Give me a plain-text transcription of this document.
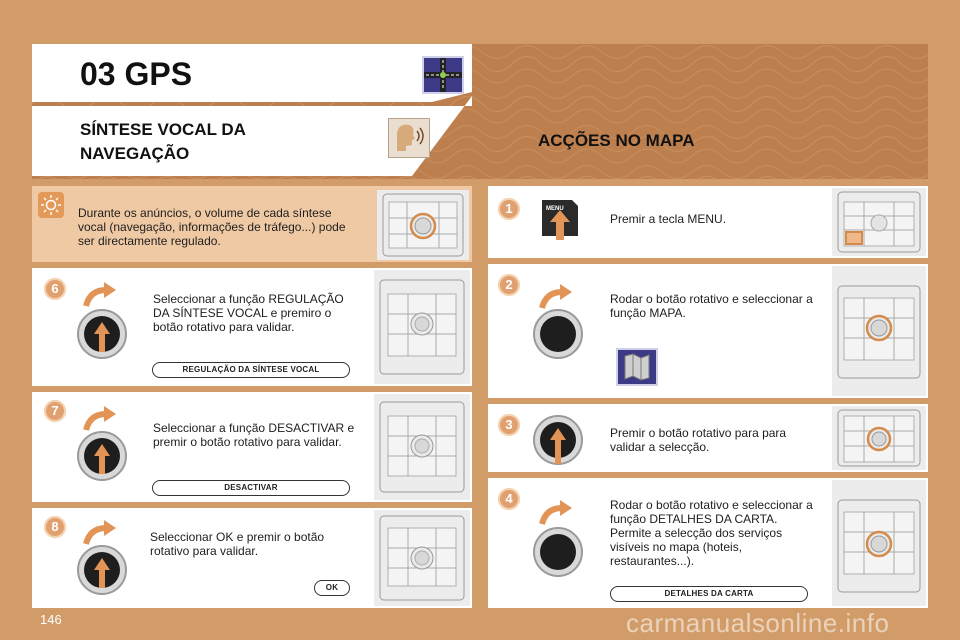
03 GPS
SÍNTESE VOCAL DA
NAVEGAÇÃO
ACÇÕES NO MAPA
Durante os anúncios, o volume de cada síntese
vocal (navegação, informações de tráfego...) pode
ser directamente regulado.
6
7
8
Seleccionar a função REGULAÇÃO
DA SÍNTESE VOCAL e premiro o
botão rotativo para validar.
REGULAÇÃO DA SÍNTESE VOCAL
Seleccionar a função DESACTIVAR e
premir o botão rotativo para validar.
DESACTIVAR
Seleccionar OK e premir o botão
rotativo para validar.
OK
1
2
3
4
MENU
Premir a tecla MENU.
Rodar o botão rotativo e seleccionar a
função MAPA.
Premir o botão rotativo para para
validar a selecção.
Rodar o botão rotativo e seleccionar a
função DETALHES DA CARTA.
Permite a selecção dos serviços
visíveis no mapa (hoteis,
restaurantes...).
DETALHES DA CARTA
146	carmanualsonline.info
